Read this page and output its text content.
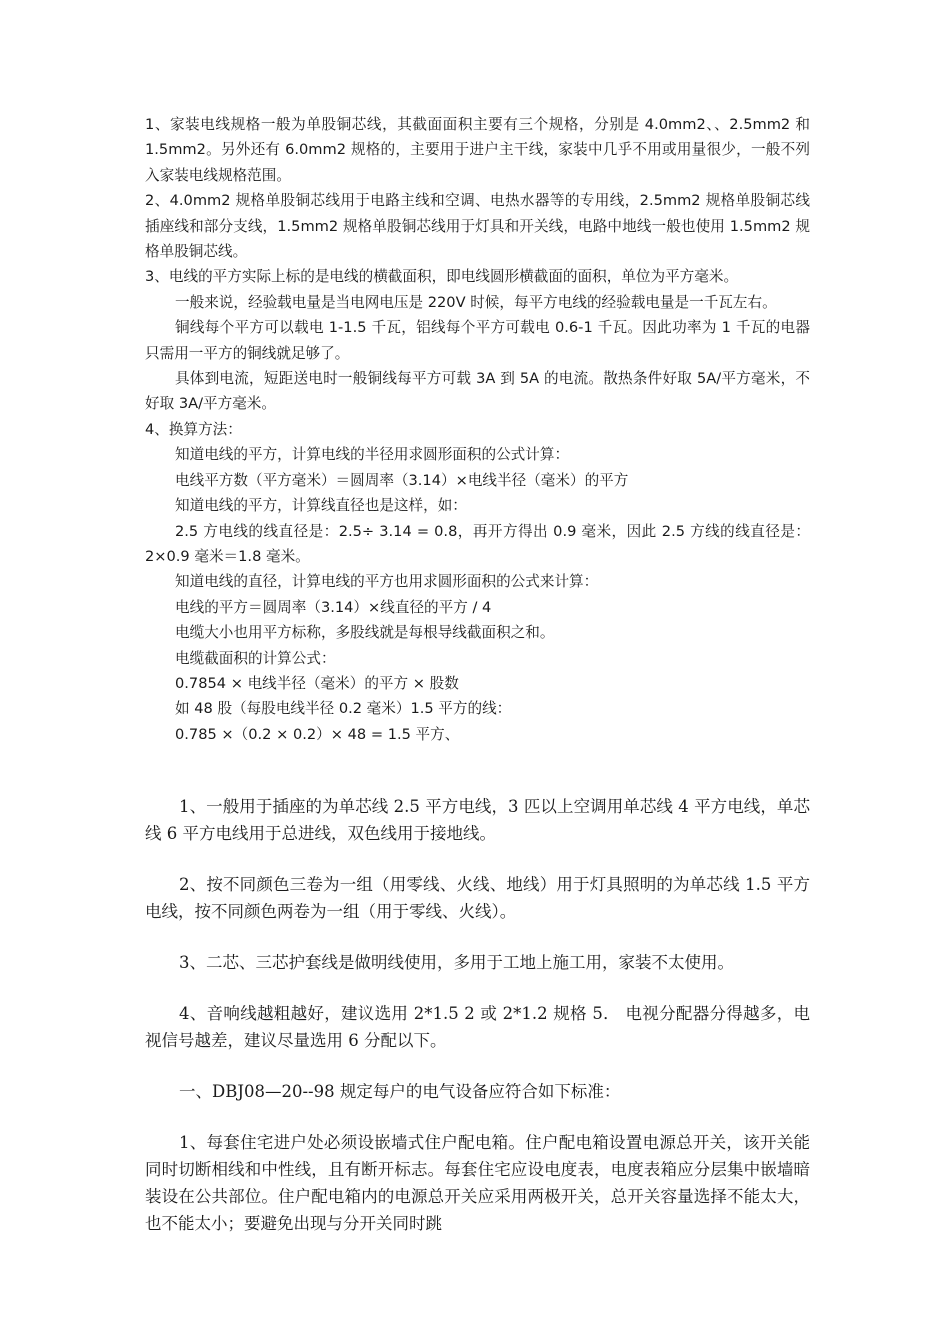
1、家装电线规格一般为单股铜芯线，其截面面积主要有三个规格，分别是 4.0mm2、、2.5mm2 和 1.5mm2。另外还有 6.0mm2 规格的，主要用于进户主干线，家装中几乎不用或用量很少，一般不列入家装电线规格范围。

2、4.0mm2 规格单股铜芯线用于电路主线和空调、电热水器等的专用线，2.5mm2 规格单股铜芯线插座线和部分支线，1.5mm2 规格单股铜芯线用于灯具和开关线，电路中地线一般也使用 1.5mm2 规格单股铜芯线。

3、电线的平方实际上标的是电线的横截面积，即电线圆形横截面的面积，单位为平方毫米。

一般来说，经验载电量是当电网电压是 220V 时候，每平方电线的经验载电量是一千瓦左右。

铜线每个平方可以载电 1-1.5 千瓦，铝线每个平方可载电 0.6-1 千瓦。因此功率为 1 千瓦的电器只需用一平方的铜线就足够了。

具体到电流，短距送电时一般铜线每平方可载 3A 到 5A 的电流。散热条件好取 5A/平方毫米，不好取 3A/平方毫米。

4、换算方法：

知道电线的平方，计算电线的半径用求圆形面积的公式计算：

电线平方数（平方毫米）＝圆周率（3.14）×电线半径（毫米）的平方

知道电线的平方，计算线直径也是这样，如：

2.5 方电线的线直径是：2.5÷ 3.14 = 0.8，再开方得出 0.9 毫米，因此 2.5 方线的线直径是：2×0.9 毫米＝1.8 毫米。

知道电线的直径，计算电线的平方也用求圆形面积的公式来计算：

电线的平方＝圆周率（3.14）×线直径的平方 / 4

电缆大小也用平方标称，多股线就是每根导线截面积之和。

电缆截面积的计算公式：

0.7854 × 电线半径（毫米）的平方 × 股数

如 48 股（每股电线半径 0.2 毫米）1.5 平方的线：

0.785 ×（0.2 × 0.2）× 48 = 1.5 平方、

1、一般用于插座的为单芯线 2.5 平方电线，3 匹以上空调用单芯线 4 平方电线，单芯线 6 平方电线用于总进线，双色线用于接地线。

2、按不同颜色三卷为一组（用零线、火线、地线）用于灯具照明的为单芯线 1.5 平方电线，按不同颜色两卷为一组（用于零线、火线）。

3、二芯、三芯护套线是做明线使用，多用于工地上施工用，家装不太使用。

4、音响线越粗越好，建议选用 2*1.5 2 或 2*1.2 规格 5． 电视分配器分得越多，电视信号越差，建议尽量选用 6 分配以下。

一、DBJ08—20--98 规定每户的电气设备应符合如下标准：

1、每套住宅进户处必须设嵌墙式住户配电箱。住户配电箱设置电源总开关，该开关能同时切断相线和中性线，且有断开标志。每套住宅应设电度表，电度表箱应分层集中嵌墙暗装设在公共部位。住户配电箱内的电源总开关应采用两极开关，总开关容量选择不能太大，也不能太小；要避免出现与分开关同时跳
